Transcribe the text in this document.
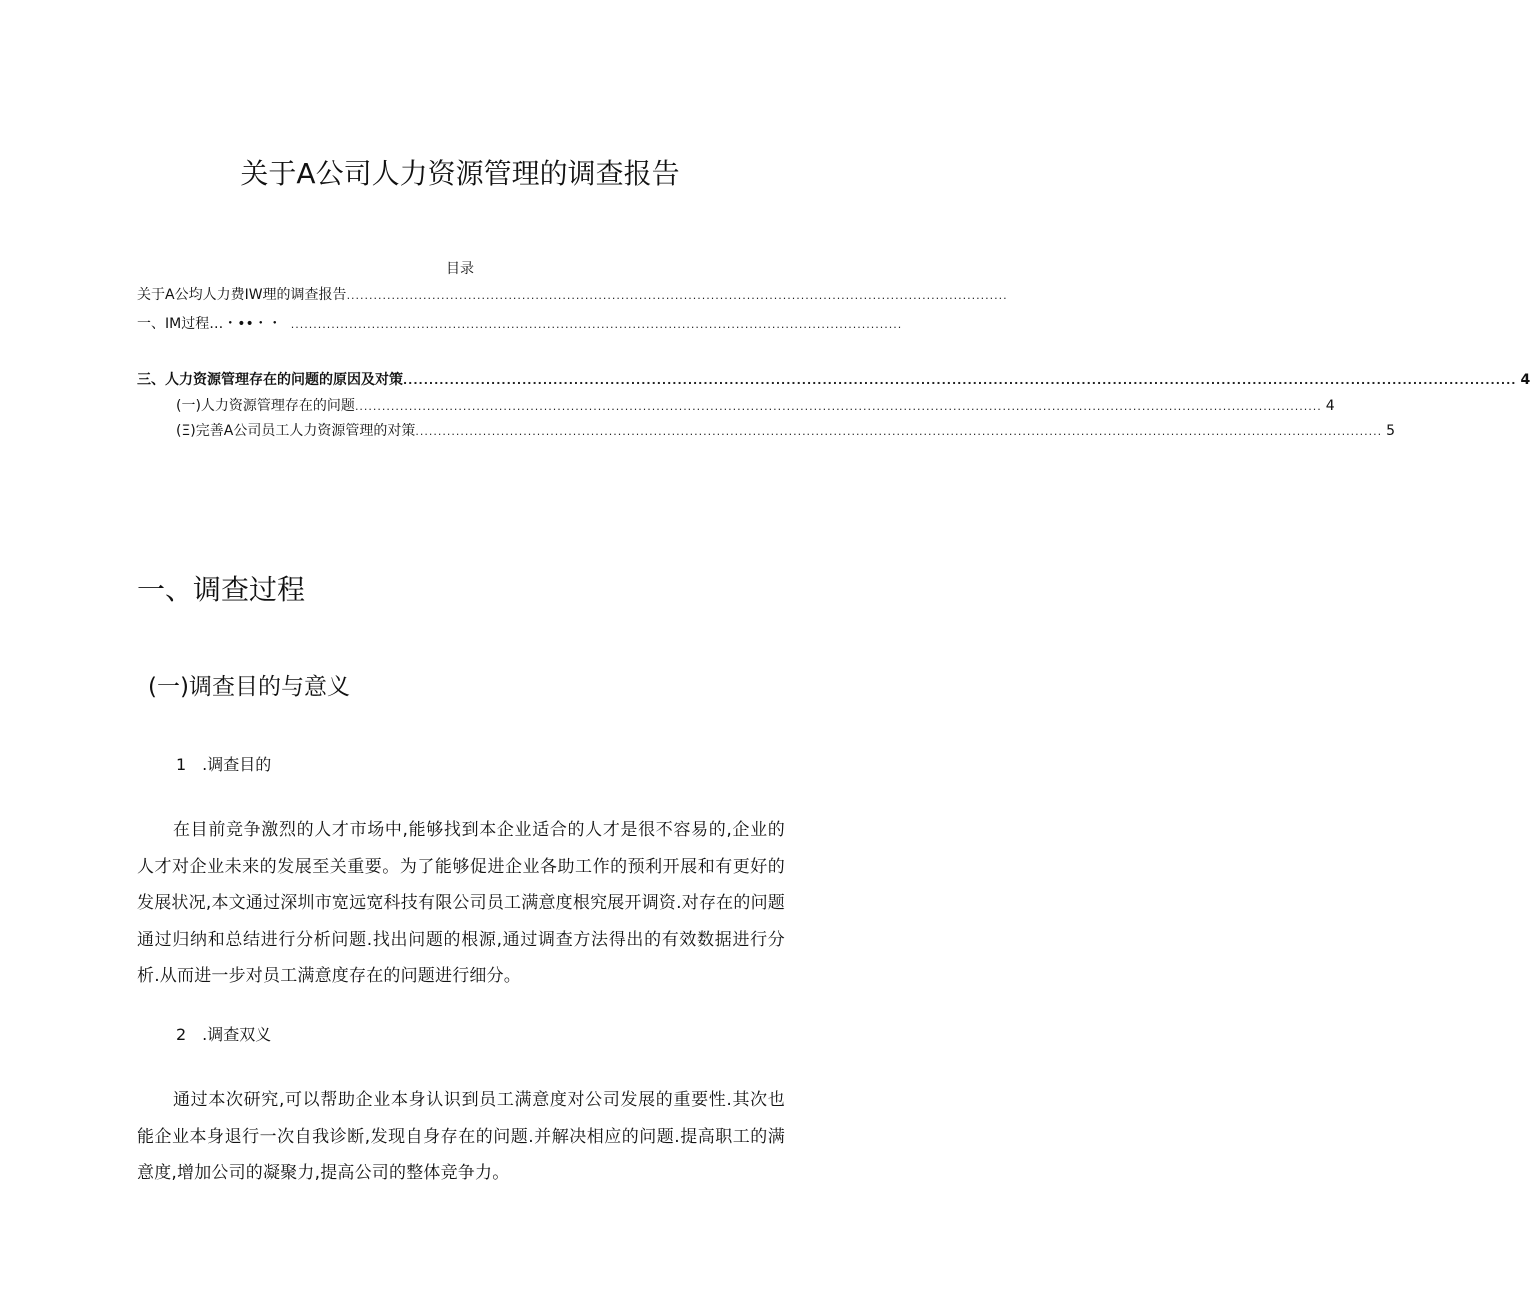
关于A公司人力资源管理的调查报告
目录
关于A公均人力费IW理的调查报告 ...................................................................................................................................................
一、IM过程…・••・・ ........................................................................................................................................
三、人力资源管理存在的问题的原因及对策 ....................................................................................................................................................................................................................... 4
(一)人力资源管理存在的问题 ....................................................................................................................................................................................................................... 4
(Ξ)完善A公司员工人力资源管理的对策 ....................................................................................................................................................................................................................... 5
一、调查过程
(一)调查目的与意义
1　.调查目的
在目前竞争激烈的人才市场中,能够找到本企业适合的人才是很不容易的,企业的人才对企业未来的发展至关重要。为了能够促进企业各助工作的预利开展和有更好的发展状况,本文通过深圳市宽远宽科技有限公司员工满意度根究展开调资.对存在的问题通过归纳和总结进行分析问题.找出问题的根源,通过调查方法得出的有效数据进行分析.从而进一步对员工满意度存在的问题进行细分。
2　.调查双义
通过本次研究,可以帮助企业本身认识到员工满意度对公司发展的重要性.其次也能企业本身退行一次自我诊断,发现自身存在的问题.并解决相应的问题.提高职工的满意度,增加公司的凝聚力,提高公司的整体竞争力。
